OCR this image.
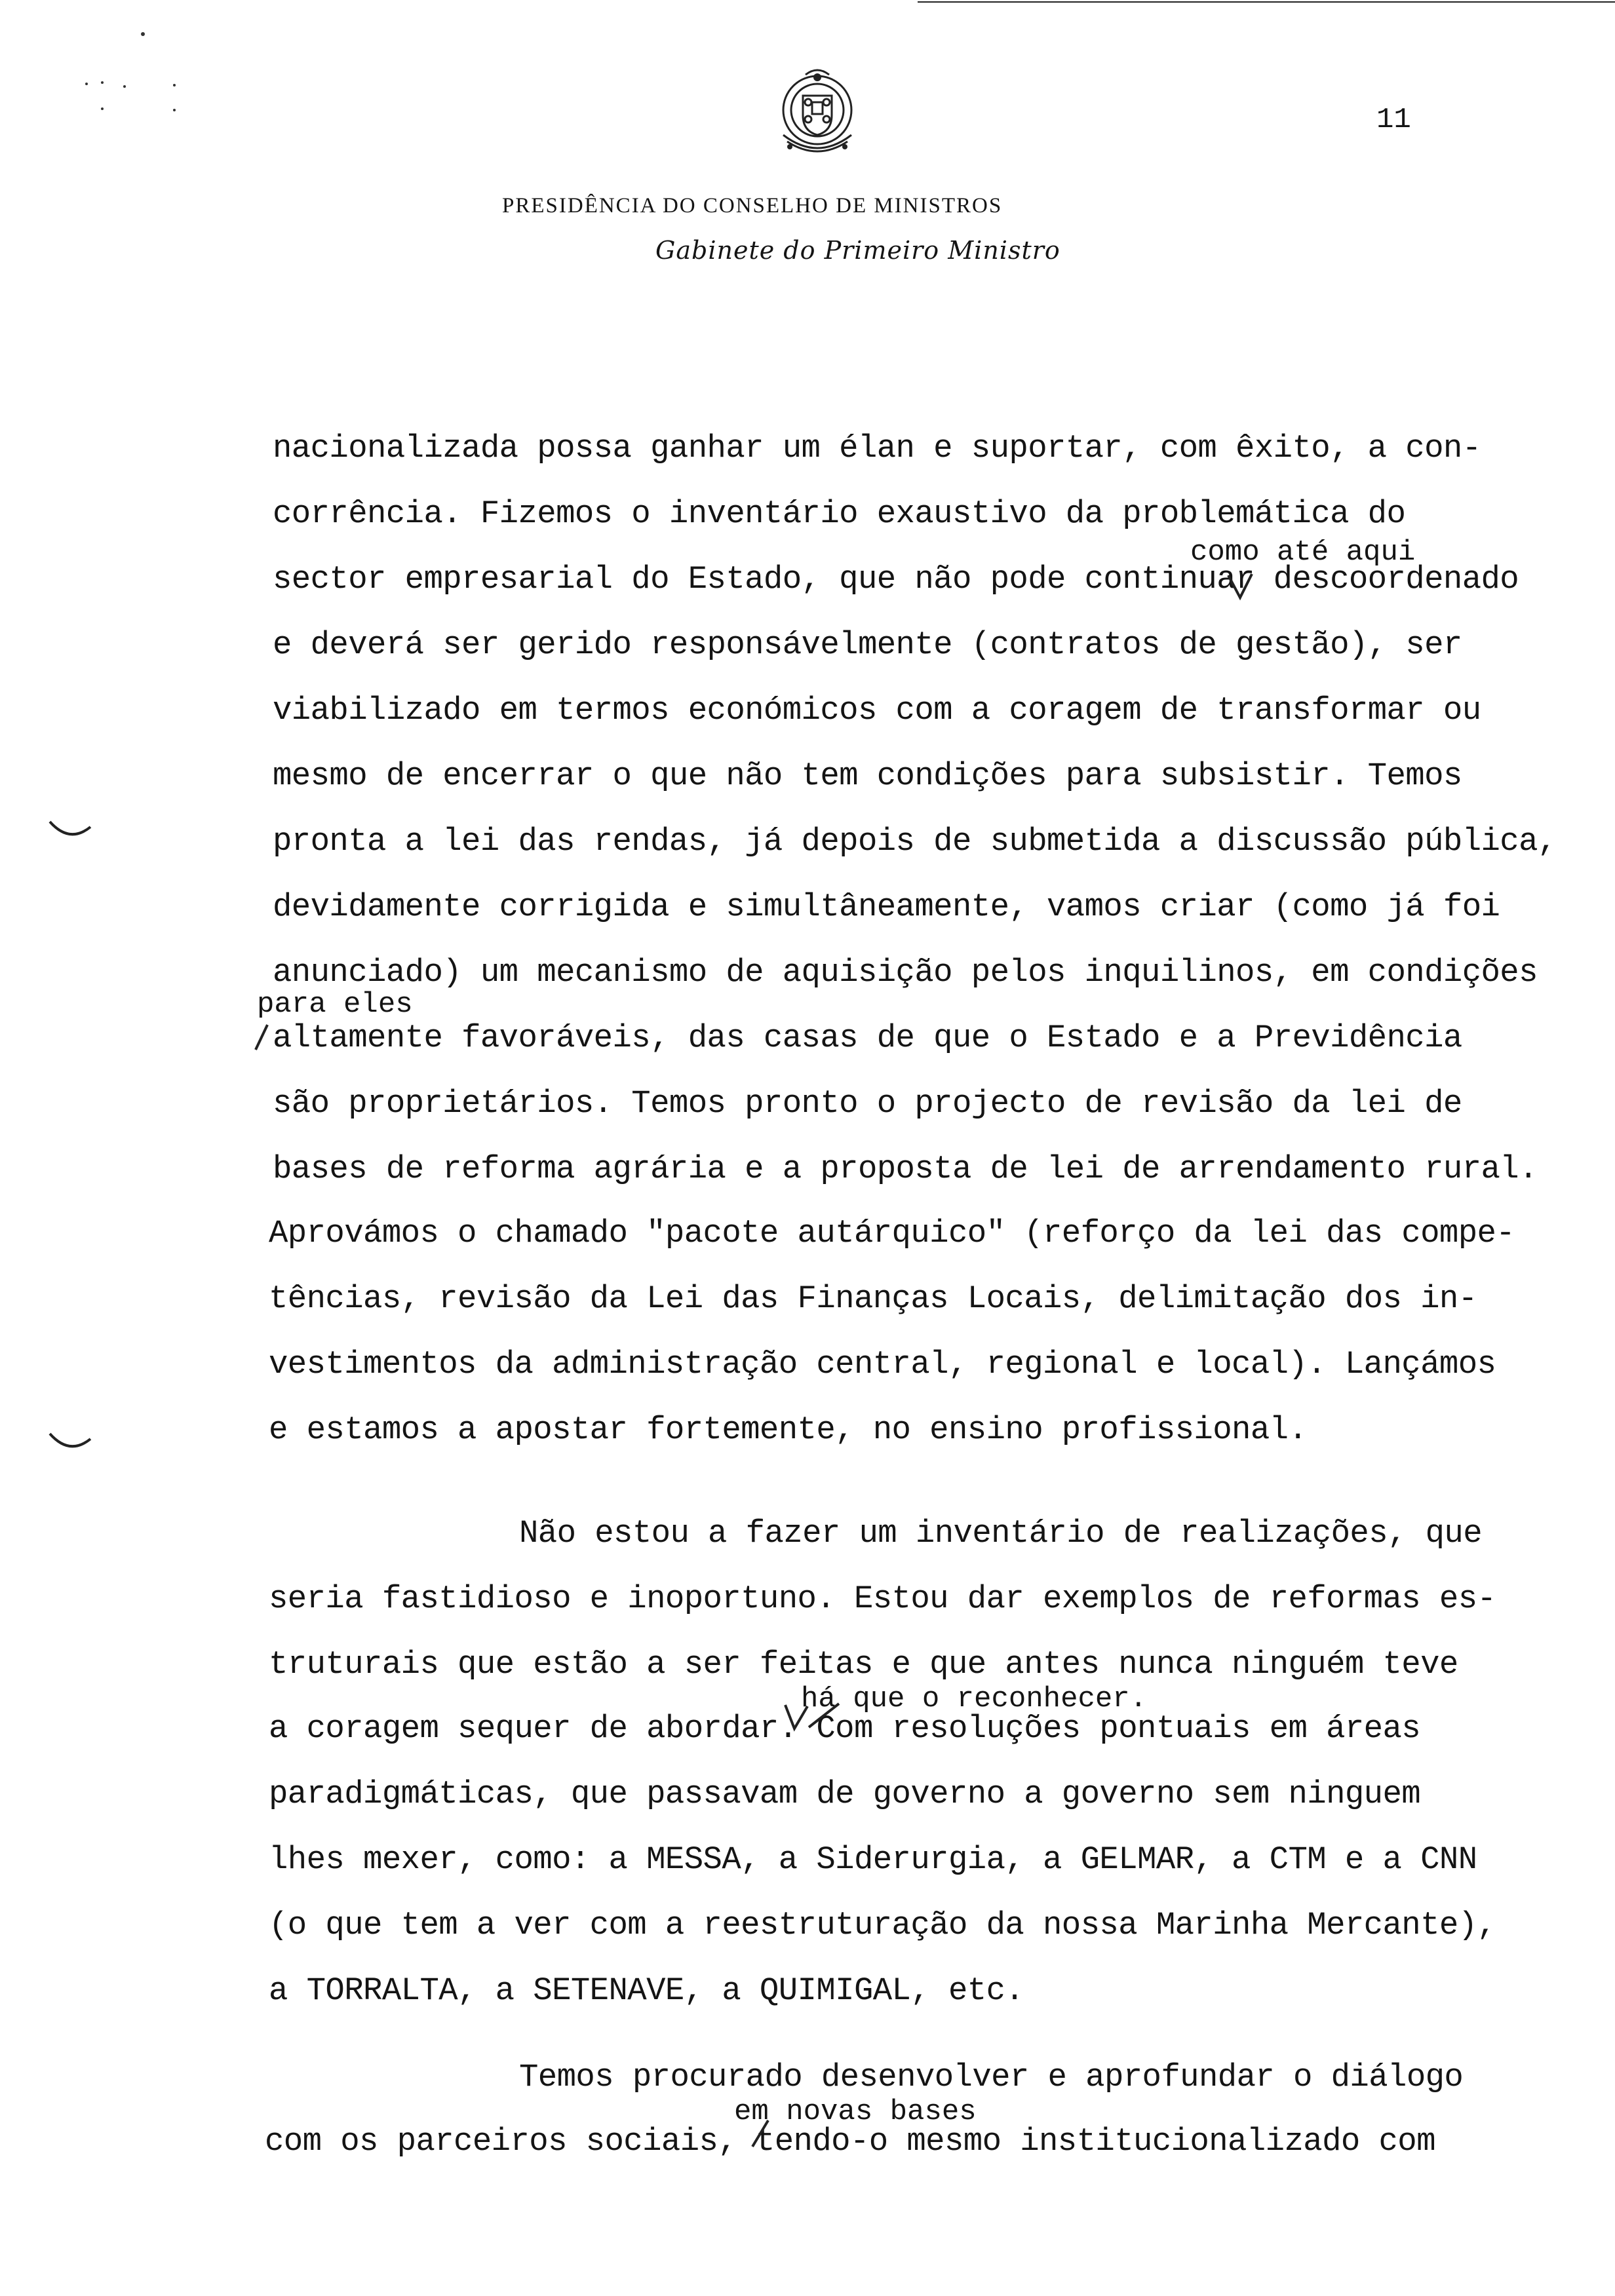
11
PRESIDÊNCIA DO CONSELHO DE MINISTROS
Gabinete do Primeiro Ministro
nacionalizada possa ganhar um élan e suportar, com êxito, a con-
corrência. Fizemos o inventário exaustivo da problemática do
como até aqui
sector empresarial do Estado, que não pode continuar descoordenado
e deverá ser gerido responsávelmente (contratos de gestão), ser
viabilizado em termos económicos com a coragem de transformar ou
mesmo de encerrar o que não tem condições para subsistir. Temos
pronta a lei das rendas, já depois de submetida a discussão pública,
devidamente corrigida e simultâneamente, vamos criar (como já foi
anunciado) um mecanismo de aquisição pelos inquilinos, em condições
para eles
altamente favoráveis, das casas de que o Estado e a Previdência
são proprietários. Temos pronto o projecto de revisão da lei de
bases de reforma agrária e a proposta de lei de arrendamento rural.
Aprovámos o chamado "pacote autárquico" (reforço da lei das compe-
tências, revisão da Lei das Finanças Locais, delimitação dos in-
vestimentos da administração central, regional e local). Lançámos
e estamos a apostar fortemente, no ensino profissional.
Não estou a fazer um inventário de realizações, que
seria fastidioso e inoportuno. Estou dar exemplos de reformas es-
truturais que estão a ser feitas e que antes nunca ninguém teve
há que o reconhecer.
a coragem sequer de abordar. Com resoluções pontuais em áreas
paradigmáticas, que passavam de governo a governo sem ninguem
lhes mexer, como: a MESSA, a Siderurgia, a GELMAR, a CTM e a CNN
(o que tem a ver com a reestruturação da nossa Marinha Mercante),
a TORRALTA, a SETENAVE, a QUIMIGAL, etc.
Temos procurado desenvolver e aprofundar o diálogo
em novas bases
com os parceiros sociais, tendo-o mesmo institucionalizado com
